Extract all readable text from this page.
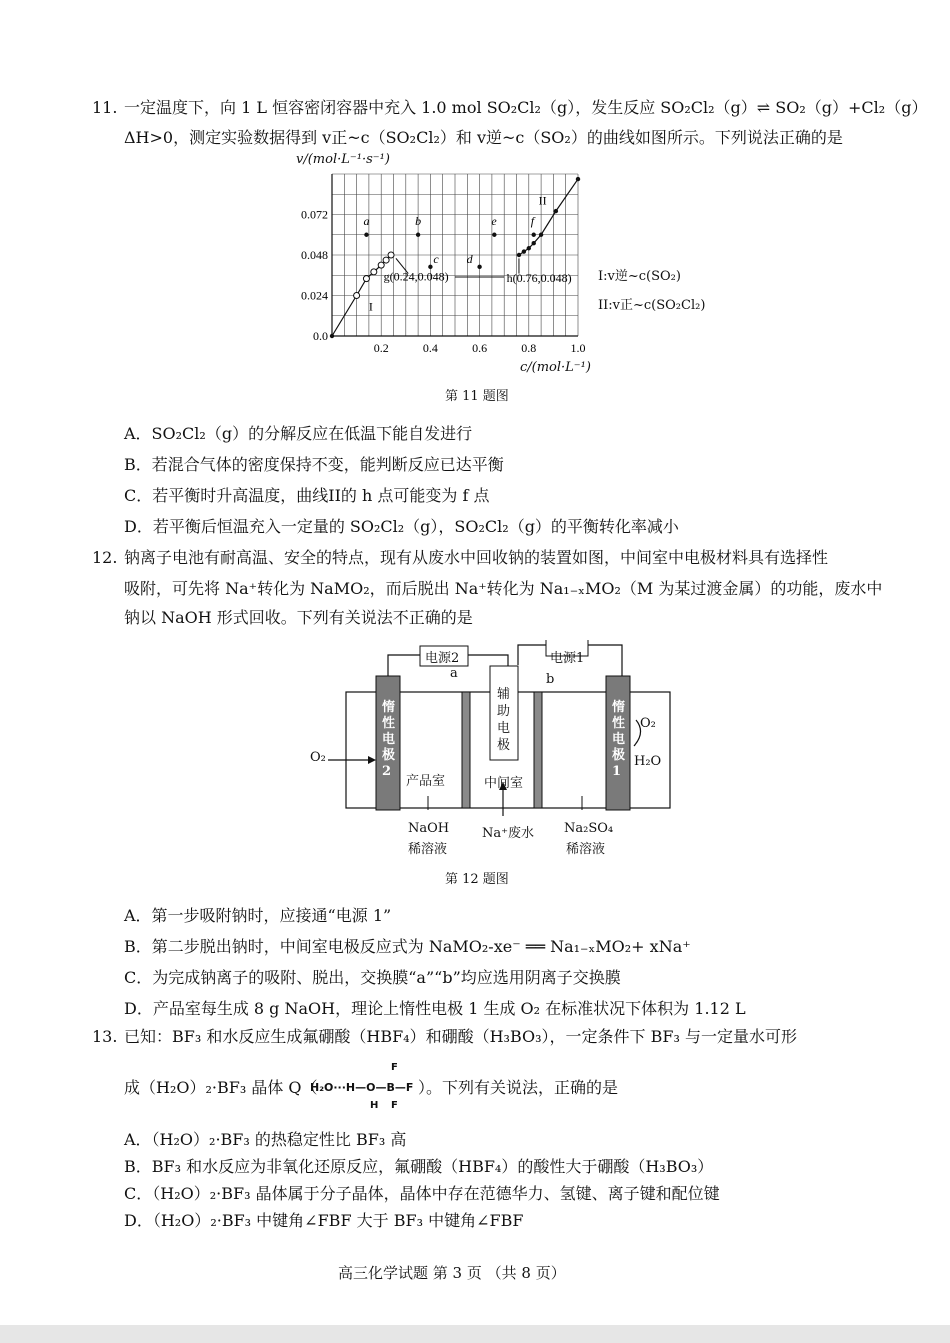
11. 一定温度下，向 1 L 恒容密闭容器中充入 1.0 mol SO₂Cl₂（g），发生反应 SO₂Cl₂（g）⇌ SO₂（g）+Cl₂（g）
ΔH>0，测定实验数据得到 v正~c（SO₂Cl₂）和 v逆~c（SO₂）的曲线如图所示。下列说法正确的是
0.2	0.4	0.6	0.8	1.0
0.0
0.024
0.048
0.072
I
II
a	b
c d
e	f
g(0.24,0.048)	h(0.76,0.048)
v/(mol·L⁻¹·s⁻¹)
c/(mol·L⁻¹)
I:v逆~c(SO₂)
II:v正~c(SO₂Cl₂)
第 11 题图
A．SO₂Cl₂（g）的分解反应在低温下能自发进行
B．若混合气体的密度保持不变，能判断反应已达平衡
C．若平衡时升高温度，曲线II的 h 点可能变为 f 点
D．若平衡后恒温充入一定量的 SO₂Cl₂（g），SO₂Cl₂（g）的平衡转化率减小
12. 钠离子电池有耐高温、安全的特点，现有从废水中回收钠的装置如图，中间室中电极材料具有选择性
吸附，可先将 Na⁺转化为 NaMO₂，而后脱出 Na⁺转化为 Na₁₋ₓMO₂（M 为某过渡金属）的功能，废水中
钠以 NaOH 形式回收。下列有关说法不正确的是
电源2	电源1
a	b
惰性电极2
惰性电极1
辅助电极
O₂
O₂
H₂O
产品室	中间室
NaOH
稀溶液
Na⁺废水 Na₂SO₄
稀溶液
第 12 题图
A．第一步吸附钠时，应接通“电源 1”
B．第二步脱出钠时，中间室电极反应式为 NaMO₂-xe⁻ ══ Na₁₋ₓMO₂+ xNa⁺
C．为完成钠离子的吸附、脱出，交换膜“a”“b”均应选用阴离子交换膜
D．产品室每生成 8 g NaOH，理论上惰性电极 1 生成 O₂ 在标准状况下体积为 1.12 L
13. 已知：BF₃ 和水反应生成氟硼酸（HBF₄）和硼酸（H₃BO₃），一定条件下 BF₃ 与一定量水可形
成（H₂O）₂·BF₃ 晶体 Q（
H₂O···H—O—B—F
F
H F
）。下列有关说法，正确的是
A．（H₂O）₂·BF₃ 的热稳定性比 BF₃ 高
B．BF₃ 和水反应为非氧化还原反应，氟硼酸（HBF₄）的酸性大于硼酸（H₃BO₃）
C．（H₂O）₂·BF₃ 晶体属于分子晶体，晶体中存在范德华力、氢键、离子键和配位键
D．（H₂O）₂·BF₃ 中键角∠FBF 大于 BF₃ 中键角∠FBF
高三化学试题 第 3 页 （共 8 页）
